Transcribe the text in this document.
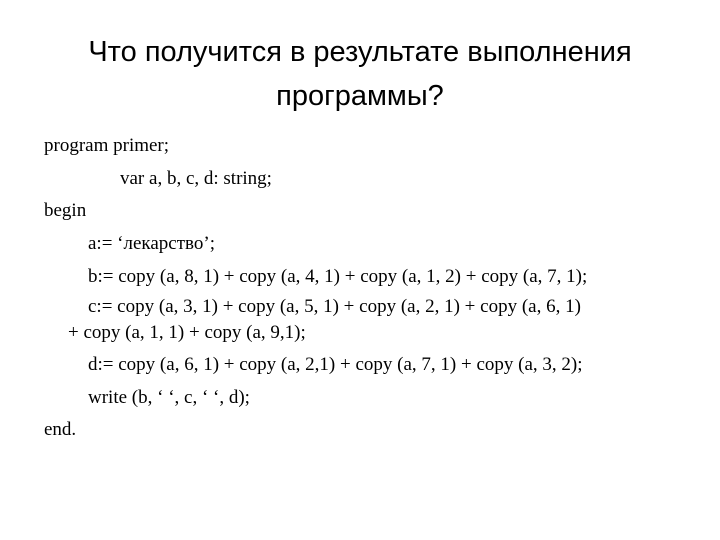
Что получится в результате выполнения программы?
program primer;
var a, b, c, d: string;
begin
a:= ‘лекарство’;
b:= copy (a, 8, 1) + copy (a, 4, 1) + copy (a, 1, 2) + copy (a, 7, 1);
c:= copy (a, 3, 1) + copy (a, 5, 1) + copy (a, 2, 1) + copy (a, 6, 1)
+ copy (a, 1, 1) + copy (a, 9,1);
d:= copy (a, 6, 1) + copy (a, 2,1) + copy (a, 7, 1) + copy (a, 3, 2);
write (b, ‘ ‘, c, ‘ ‘, d);
end.
